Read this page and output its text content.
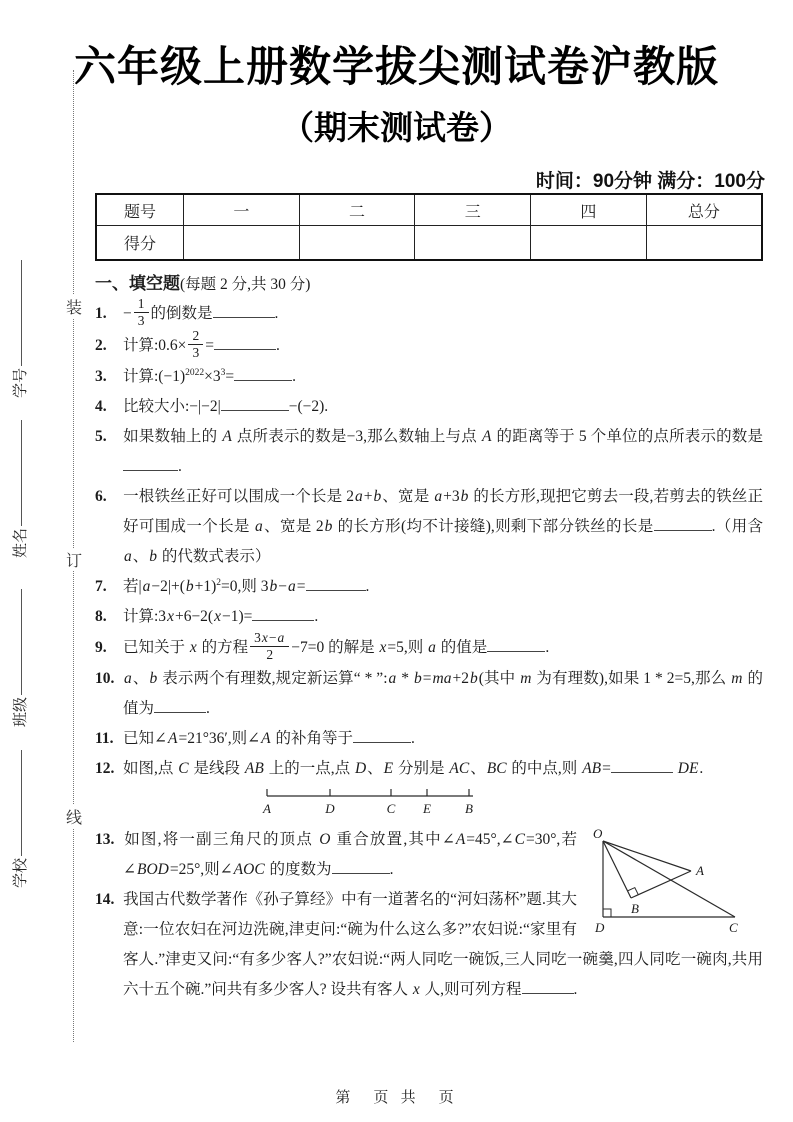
装
订
线
学号
姓名
班级
学校
六年级上册数学拔尖测试卷沪教版
（期末测试卷）
时间：90分钟 满分：100分
题号	一	二	三	四	总分
得分					
一、填空题(每题 2 分,共 30 分)
1. − $\frac{1}{3}$ 的倒数是	.
2. 计算:0.6× $\frac{2}{3}$ =	.
3. 计算$:(-1)^{2022}\times 3^3=$	.
4. 比较大小:−|−2|	−(−2).
5. 如果数轴上的 A 点所表示的数是−3,那么数轴上与点 A 的距离等于 5 个单位的点所表示的数是.
6. 一根铁丝正好可以围成一个长是 2a+b、宽是 a+3b 的长方形,现把它剪去一段,若剪去的铁丝正好可围成一个长是 a、宽是 2b 的长方形(均不计接缝),则剩下部分铁丝的长是	.（用含 a、b 的代数式表示）
7. 若$|a-2|+(b+1)^2=0$,则 3b−a=	.
8. 计算:3x+6−2(x−1)=	.
9. 已知关于 x 的方程 $\frac{3x-a}{2} -7=0$ 的解是 x=5,则 a 的值是	.
10. a、b 表示两个有理数,规定新运算“ * ”:a * b=ma+2b(其中 m 为有理数),如果 1 * 2=5,那么 m 的值为	.
11. 已知∠A=21°36′,则∠A 的补角等于	.
12. 如图,点 C 是线段 AB 上的一点,点 D、E 分别是 AC、BC 的中点,则 AB=	DE.
A	D	C E	B
O
A
B
D	C
13. 如图,将一副三角尺的顶点 O 重合放置,其中∠A=45°,∠C=30°,若∠BOD=25°,则∠AOC 的度数为	.
14. 我国古代数学著作《孙子算经》中有一道著名的“河妇荡杯”题.其大意:一位农妇在河边洗碗,津吏问:“碗为什么这么多?”农妇说:“家里有客人.”津吏又问:“有多少客人?”农妇说:“两人同吃一碗饭,三人同吃一碗羹,四人同吃一碗肉,共用六十五个碗.”问共有多少客人? 设共有客人 x 人,则可列方程	.
第　页 共　页
